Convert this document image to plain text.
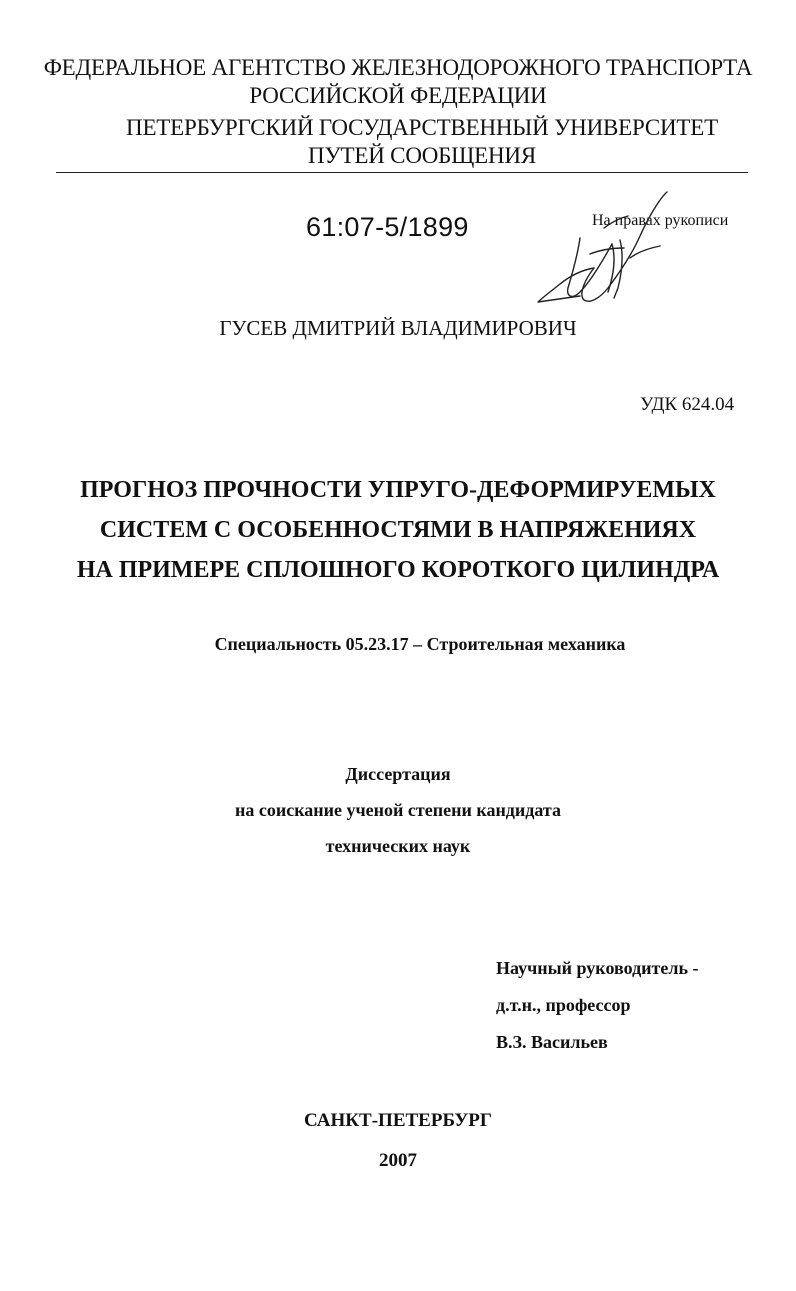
ФЕДЕРАЛЬНОЕ АГЕНТСТВО ЖЕЛЕЗНОДОРОЖНОГО ТРАНСПОРТА
РОССИЙСКОЙ ФЕДЕРАЦИИ
ПЕТЕРБУРГСКИЙ ГОСУДАРСТВЕННЫЙ УНИВЕРСИТЕТ
ПУТЕЙ СООБЩЕНИЯ
61:07-5/1899	На правах рукописи
ГУСЕВ ДМИТРИЙ ВЛАДИМИРОВИЧ
УДК 624.04
ПРОГНОЗ ПРОЧНОСТИ УПРУГО-ДЕФОРМИРУЕМЫХ
СИСТЕМ С ОСОБЕННОСТЯМИ В НАПРЯЖЕНИЯХ
НА ПРИМЕРЕ СПЛОШНОГО КОРОТКОГО ЦИЛИНДРА
Специальность 05.23.17 – Строительная механика
Диссертация
на соискание ученой степени кандидата
технических наук
Научный руководитель -
д.т.н., профессор
В.З. Васильев
САНКТ-ПЕТЕРБУРГ
2007
